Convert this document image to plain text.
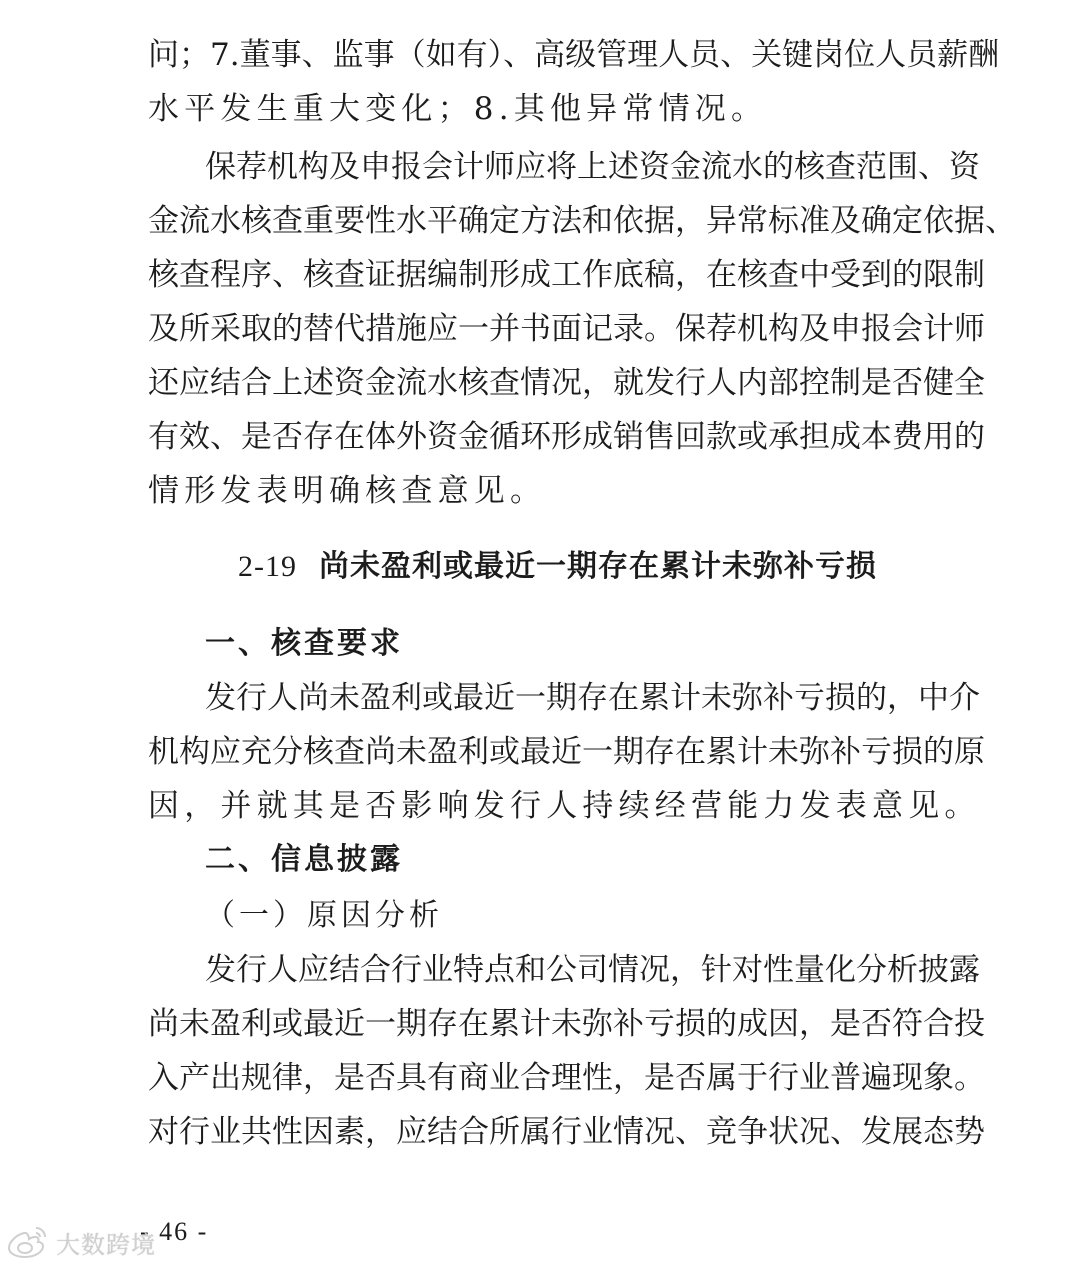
问；7.董事、监事（如有）、高级管理人员、关键岗位人员薪酬
水平发生重大变化；8.其他异常情况。
保荐机构及申报会计师应将上述资金流水的核查范围、资
金流水核查重要性水平确定方法和依据，异常标准及确定依据、
核查程序、核查证据编制形成工作底稿，在核查中受到的限制
及所采取的替代措施应一并书面记录。保荐机构及申报会计师
还应结合上述资金流水核查情况，就发行人内部控制是否健全
有效、是否存在体外资金循环形成销售回款或承担成本费用的
情形发表明确核查意见。
2-19 尚未盈利或最近一期存在累计未弥补亏损
一、核查要求
发行人尚未盈利或最近一期存在累计未弥补亏损的，中介
机构应充分核查尚未盈利或最近一期存在累计未弥补亏损的原
因，并就其是否影响发行人持续经营能力发表意见。
二、信息披露
（一）原因分析
发行人应结合行业特点和公司情况，针对性量化分析披露
尚未盈利或最近一期存在累计未弥补亏损的成因，是否符合投
入产出规律，是否具有商业合理性，是否属于行业普遍现象。
对行业共性因素，应结合所属行业情况、竞争状况、发展态势
- 46 -
大数跨境
